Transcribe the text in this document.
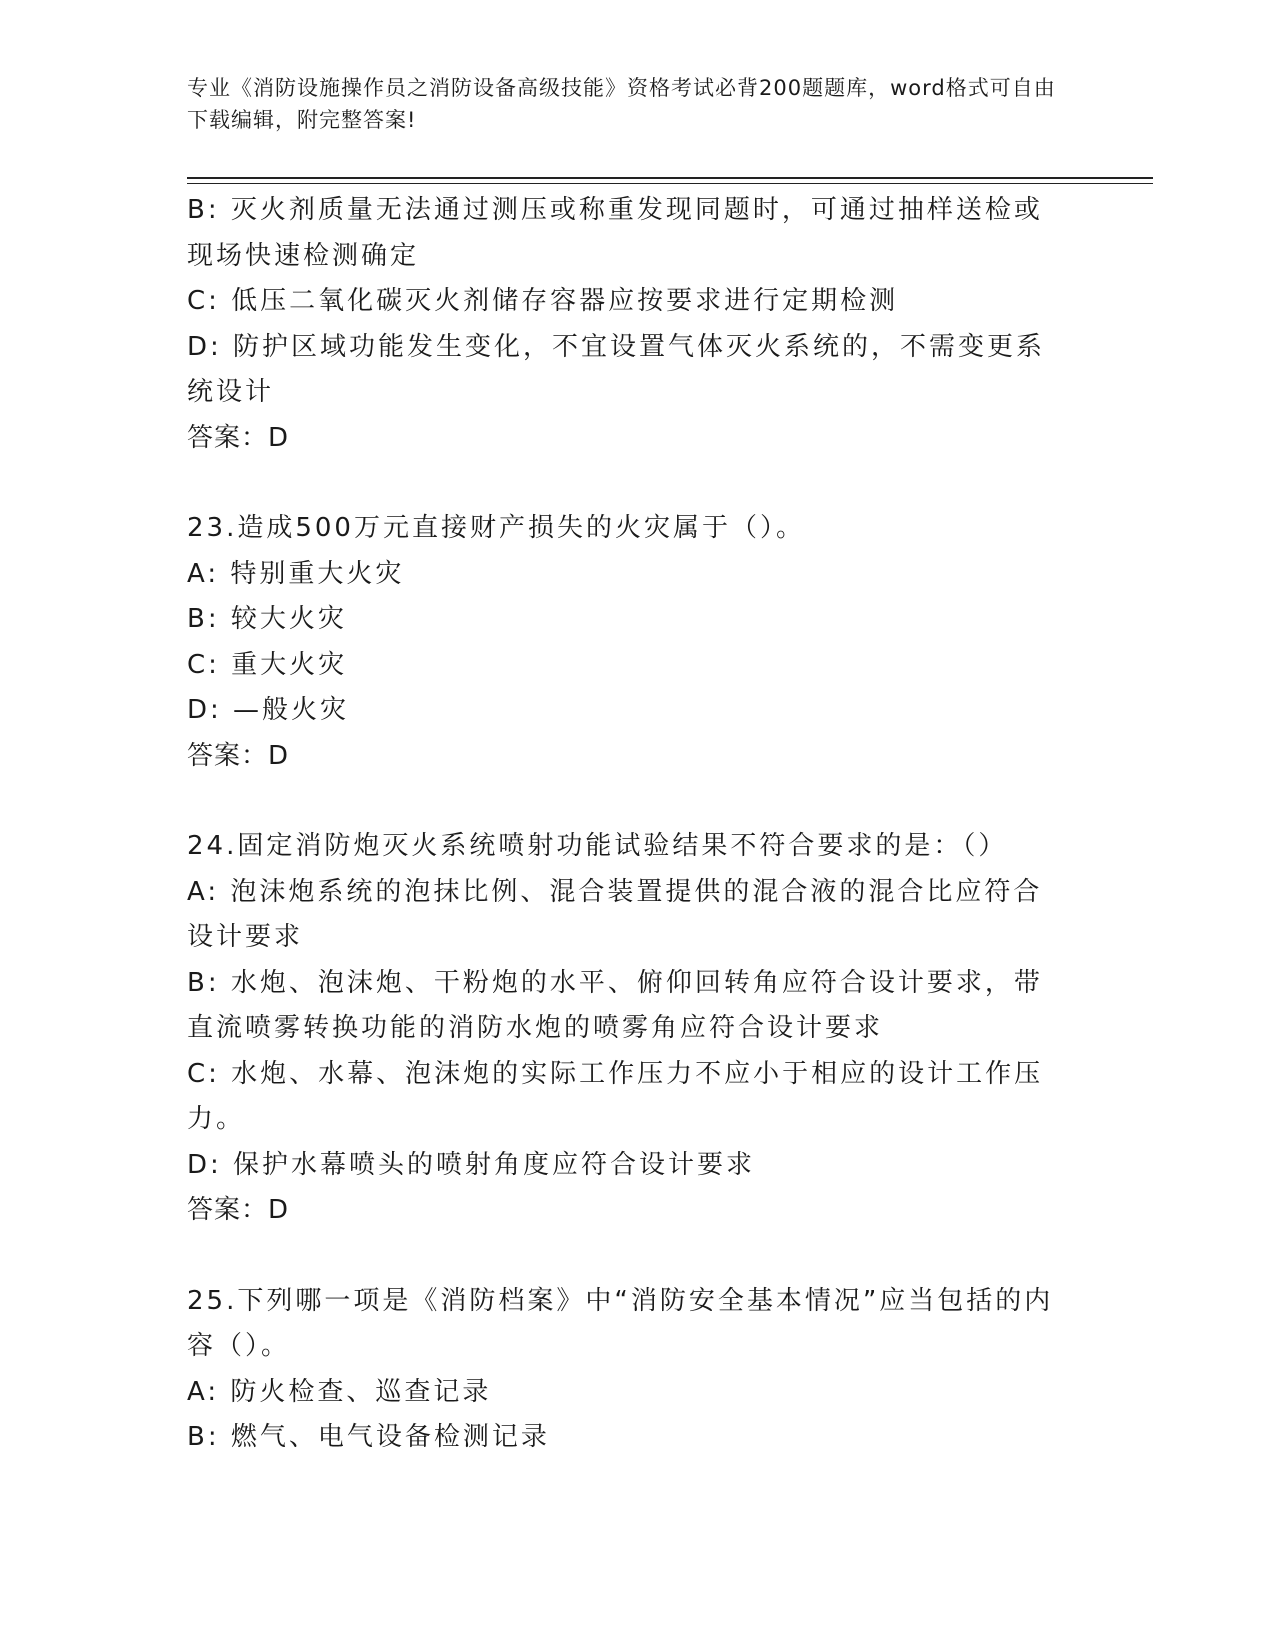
专业《消防设施操作员之消防设备高级技能》资格考试必背200题题库，word格式可自由下载编辑，附完整答案!

B: 灭火剂质量无法通过测压或称重发现同题时，可通过抽样送检或现场快速检测确定

C: 低压二氧化碳灭火剂储存容器应按要求进行定期检测

D: 防护区域功能发生变化，不宜设置气体灭火系统的，不需变更系统设计

答案：D

23.造成500万元直接财产损失的火灾属于（）。

A: 特别重大火灾

B: 较大火灾

C: 重大火灾

D: —般火灾

答案：D

24.固定消防炮灭火系统喷射功能试验结果不符合要求的是：（）

A: 泡沫炮系统的泡抹比例、混合装置提供的混合液的混合比应符合设计要求

B: 水炮、泡沫炮、干粉炮的水平、俯仰回转角应符合设计要求，带直流喷雾转换功能的消防水炮的喷雾角应符合设计要求

C: 水炮、水幕、泡沫炮的实际工作压力不应小于相应的设计工作压力。

D: 保护水幕喷头的喷射角度应符合设计要求

答案：D

25.下列哪一项是《消防档案》中“消防安全基本情况”应当包括的内容（）。

A: 防火检查、巡查记录

B: 燃气、电气设备检测记录
